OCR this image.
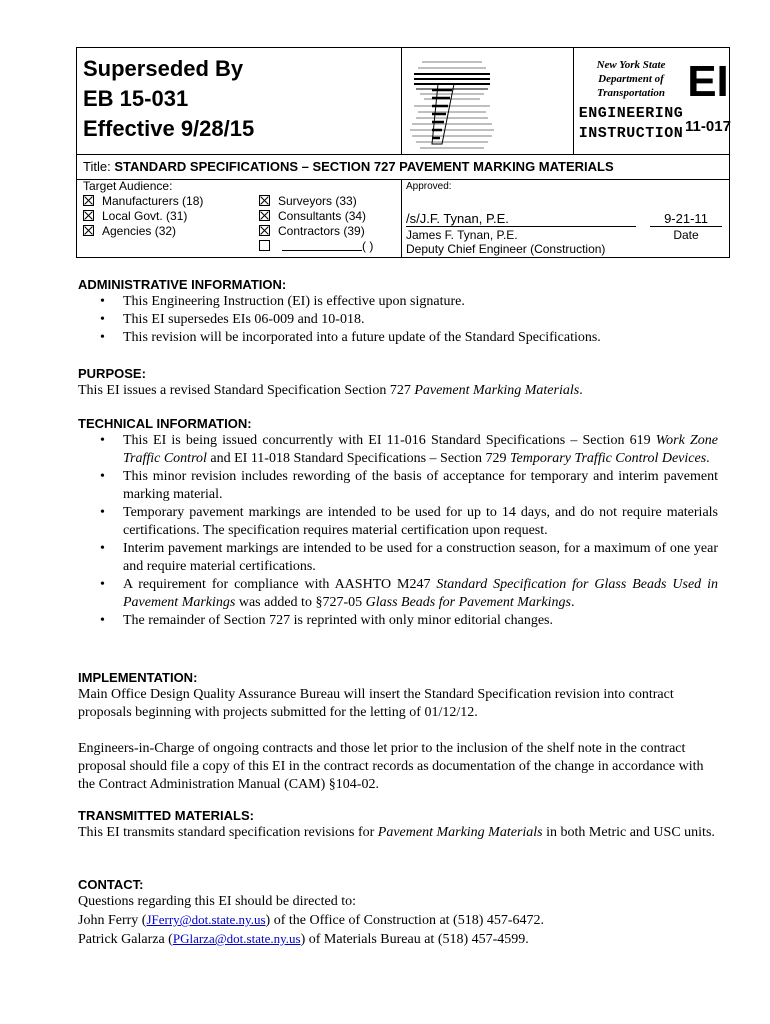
Superseded By
EB 15-031
Effective 9/28/15
New York State
Department of
Transportation
ENGINEERING
INSTRUCTION
EI
11-017
Title: STANDARD SPECIFICATIONS – SECTION 727 PAVEMENT MARKING MATERIALS
Target Audience:
Manufacturers (18)
Local Govt. (31)
Agencies (32)
Surveyors (33)
Consultants (34)
Contractors (39)
( )
Approved:
/s/J.F. Tynan, P.E.	9-21-11
James F. Tynan, P.E.
Deputy Chief Engineer (Construction)
Date
ADMINISTRATIVE INFORMATION:
• This Engineering Instruction (EI) is effective upon signature.
• This EI supersedes EIs 06-009 and 10-018.
• This revision will be incorporated into a future update of the Standard Specifications.
PURPOSE:
This EI issues a revised Standard Specification Section 727 Pavement Marking Materials.
TECHNICAL INFORMATION:
• This EI is being issued concurrently with EI 11-016 Standard Specifications – Section 619 Work Zone Traffic Control and EI 11-018 Standard Specifications – Section 729 Temporary Traffic Control Devices.
• This minor revision includes rewording of the basis of acceptance for temporary and interim pavement marking material.
• Temporary pavement markings are intended to be used for up to 14 days, and do not require materials certifications. The specification requires material certification upon request.
• Interim pavement markings are intended to be used for a construction season, for a maximum of one year and require material certifications.
• A requirement for compliance with AASHTO M247 Standard Specification for Glass Beads Used in Pavement Markings was added to §727-05 Glass Beads for Pavement Markings.
• The remainder of Section 727 is reprinted with only minor editorial changes.
IMPLEMENTATION:
Main Office Design Quality Assurance Bureau will insert the Standard Specification revision into contract proposals beginning with projects submitted for the letting of 01/12/12.
Engineers-in-Charge of ongoing contracts and those let prior to the inclusion of the shelf note in the contract proposal should file a copy of this EI in the contract records as documentation of the change in accordance with the Contract Administration Manual (CAM) §104-02.
TRANSMITTED MATERIALS:
This EI transmits standard specification revisions for Pavement Marking Materials in both Metric and USC units.
CONTACT:
Questions regarding this EI should be directed to:
John Ferry (JFerry@dot.state.ny.us) of the Office of Construction at (518) 457-6472.
Patrick Galarza (PGlarza@dot.state.ny.us) of Materials Bureau at (518) 457-4599.
